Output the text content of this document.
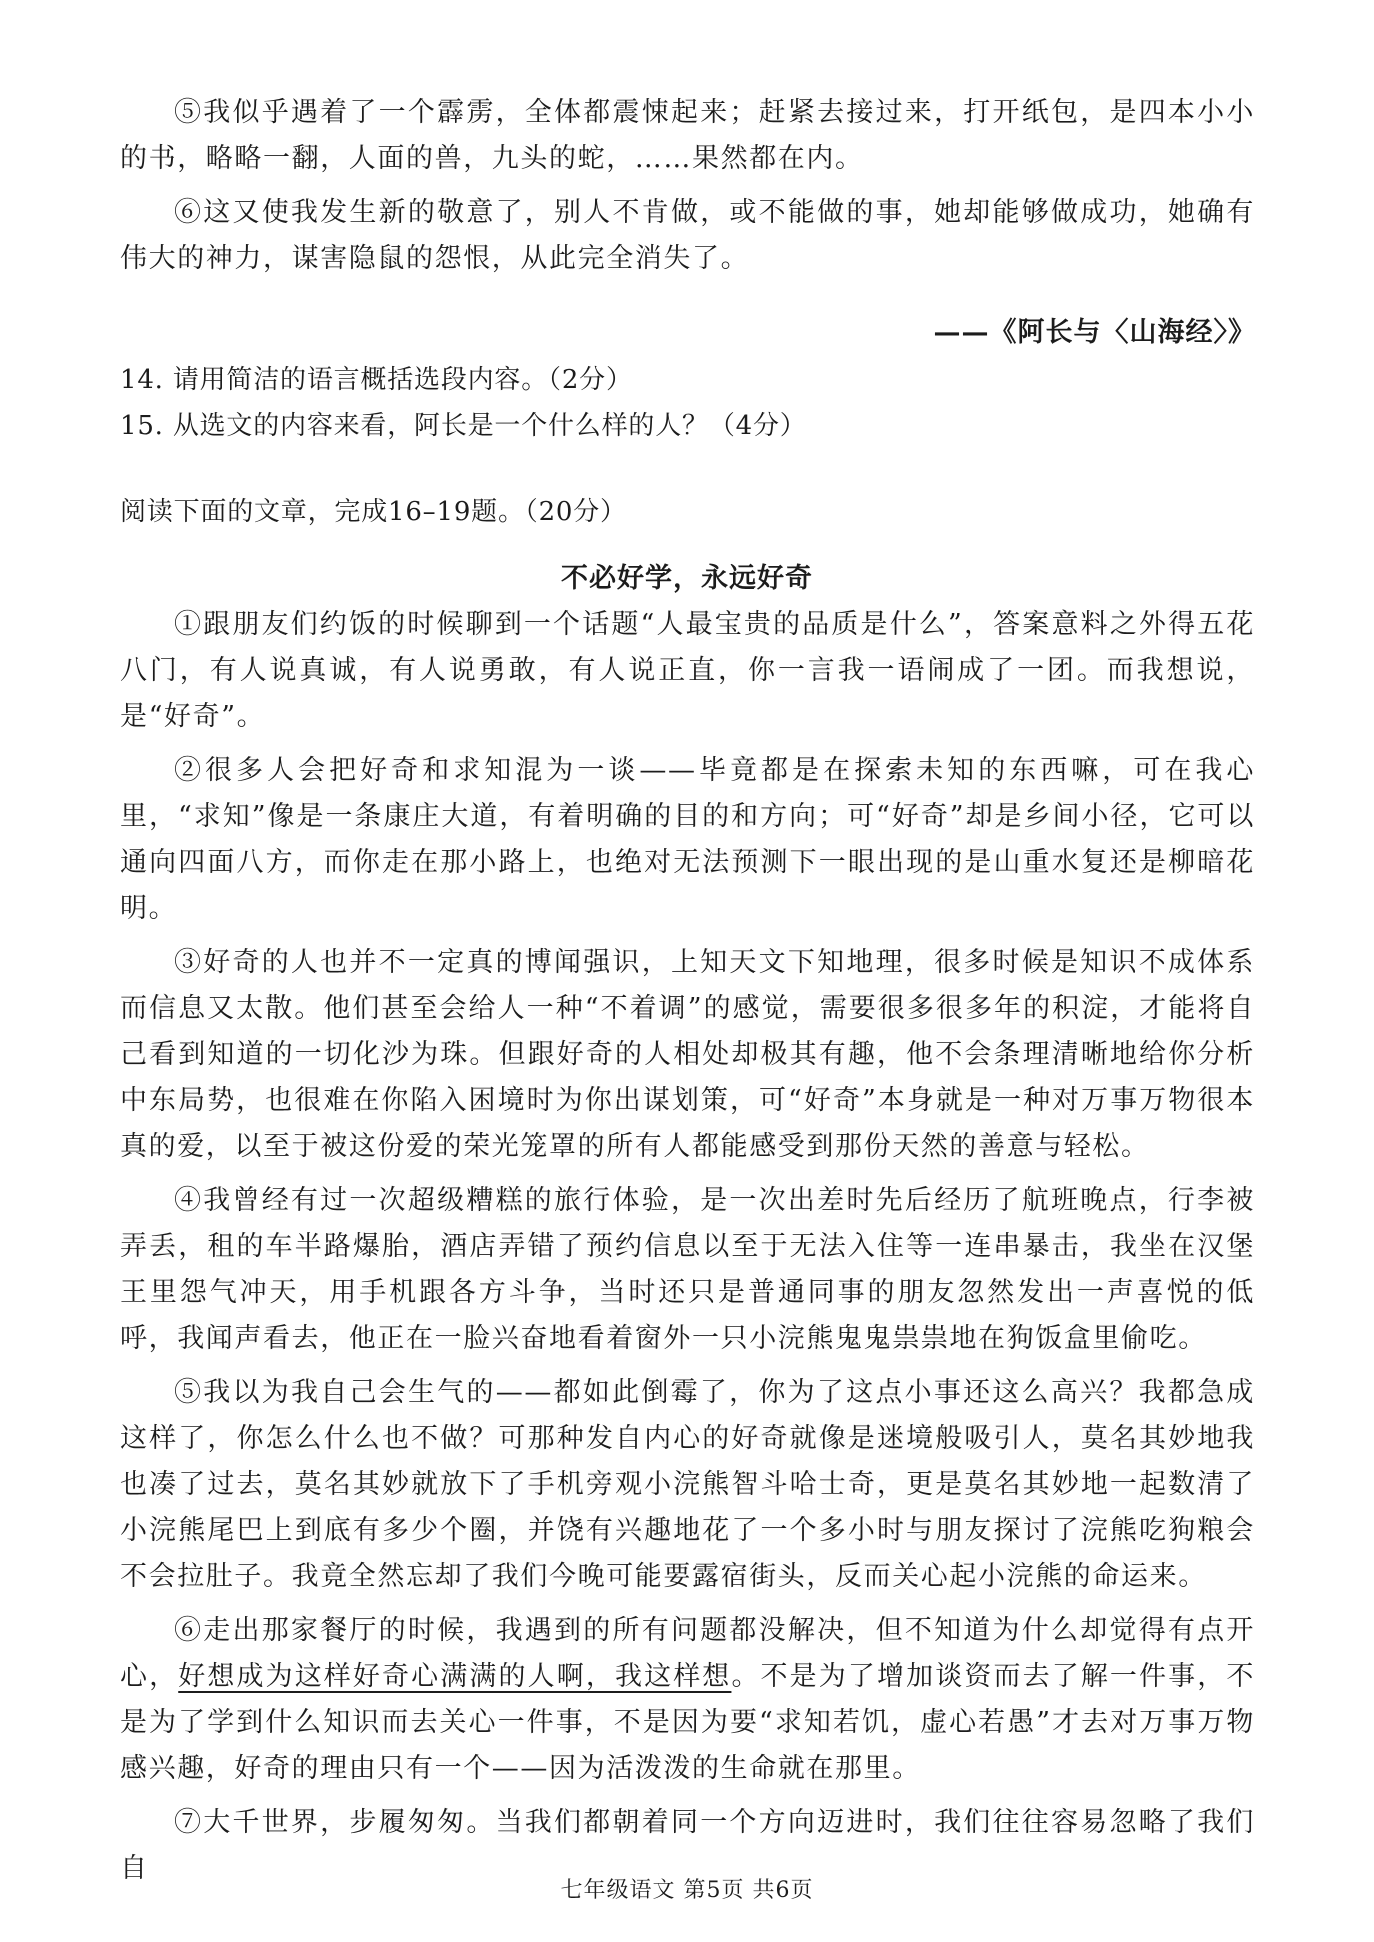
⑤我似乎遇着了一个霹雳，全体都震悚起来；赶紧去接过来，打开纸包，是四本小小的书，略略一翻，人面的兽，九头的蛇，……果然都在内。

⑥这又使我发生新的敬意了，别人不肯做，或不能做的事，她却能够做成功，她确有伟大的神力，谋害隐鼠的怨恨，从此完全消失了。

——《阿长与〈山海经〉》

14. 请用简洁的语言概括选段内容。（2分）

15. 从选文的内容来看，阿长是一个什么样的人？（4分）

阅读下面的文章，完成16–19题。（20分）

不必好学，永远好奇

①跟朋友们约饭的时候聊到一个话题“人最宝贵的品质是什么”，答案意料之外得五花八门，有人说真诚，有人说勇敢，有人说正直，你一言我一语闹成了一团。而我想说，是“好奇”。

②很多人会把好奇和求知混为一谈——毕竟都是在探索未知的东西嘛，可在我心里，“求知”像是一条康庄大道，有着明确的目的和方向；可“好奇”却是乡间小径，它可以通向四面八方，而你走在那小路上，也绝对无法预测下一眼出现的是山重水复还是柳暗花明。

③好奇的人也并不一定真的博闻强识，上知天文下知地理，很多时候是知识不成体系而信息又太散。他们甚至会给人一种“不着调”的感觉，需要很多很多年的积淀，才能将自己看到知道的一切化沙为珠。但跟好奇的人相处却极其有趣，他不会条理清晰地给你分析中东局势，也很难在你陷入困境时为你出谋划策，可“好奇”本身就是一种对万事万物很本真的爱，以至于被这份爱的荣光笼罩的所有人都能感受到那份天然的善意与轻松。

④我曾经有过一次超级糟糕的旅行体验，是一次出差时先后经历了航班晚点，行李被弄丢，租的车半路爆胎，酒店弄错了预约信息以至于无法入住等一连串暴击，我坐在汉堡王里怨气冲天，用手机跟各方斗争，当时还只是普通同事的朋友忽然发出一声喜悦的低呼，我闻声看去，他正在一脸兴奋地看着窗外一只小浣熊鬼鬼祟祟地在狗饭盒里偷吃。

⑤我以为我自己会生气的——都如此倒霉了，你为了这点小事还这么高兴？我都急成这样了，你怎么什么也不做？可那种发自内心的好奇就像是迷境般吸引人，莫名其妙地我也凑了过去，莫名其妙就放下了手机旁观小浣熊智斗哈士奇，更是莫名其妙地一起数清了小浣熊尾巴上到底有多少个圈，并饶有兴趣地花了一个多小时与朋友探讨了浣熊吃狗粮会不会拉肚子。我竟全然忘却了我们今晚可能要露宿街头，反而关心起小浣熊的命运来。

⑥走出那家餐厅的时候，我遇到的所有问题都没解决，但不知道为什么却觉得有点开心，好想成为这样好奇心满满的人啊，我这样想。不是为了增加谈资而去了解一件事，不是为了学到什么知识而去关心一件事，不是因为要“求知若饥，虚心若愚”才去对万事万物感兴趣，好奇的理由只有一个——因为活泼泼的生命就在那里。

⑦大千世界，步履匆匆。当我们都朝着同一个方向迈进时，我们往往容易忽略了我们自

七年级语文 第5页 共6页
